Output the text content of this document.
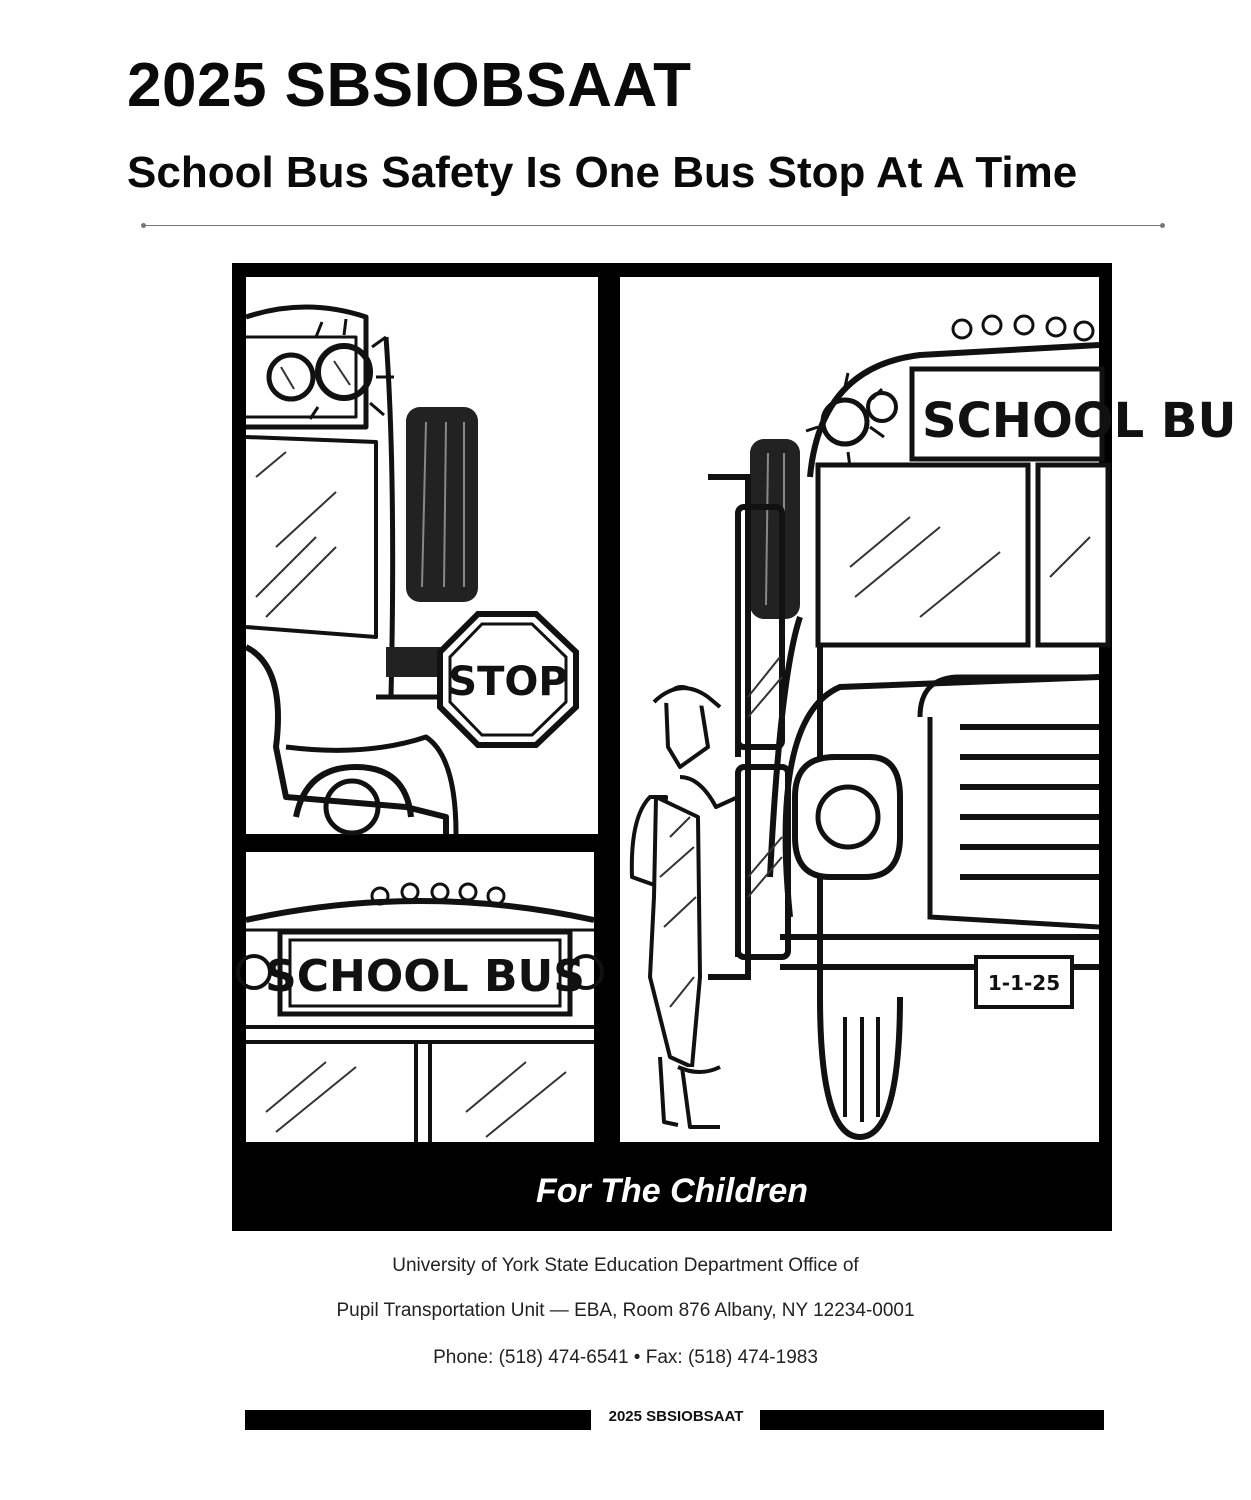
2025 SBSIOBSAAT
School Bus Safety Is One Bus Stop At A Time
STOP
SCHOOL BUS
SCHOOL BU
1-1-25
For The Children
University of York State Education Department Office of
Pupil Transportation Unit — EBA, Room 876 Albany, NY 12234-0001
Phone: (518) 474-6541 • Fax: (518) 474-1983
2025 SBSIOBSAAT
